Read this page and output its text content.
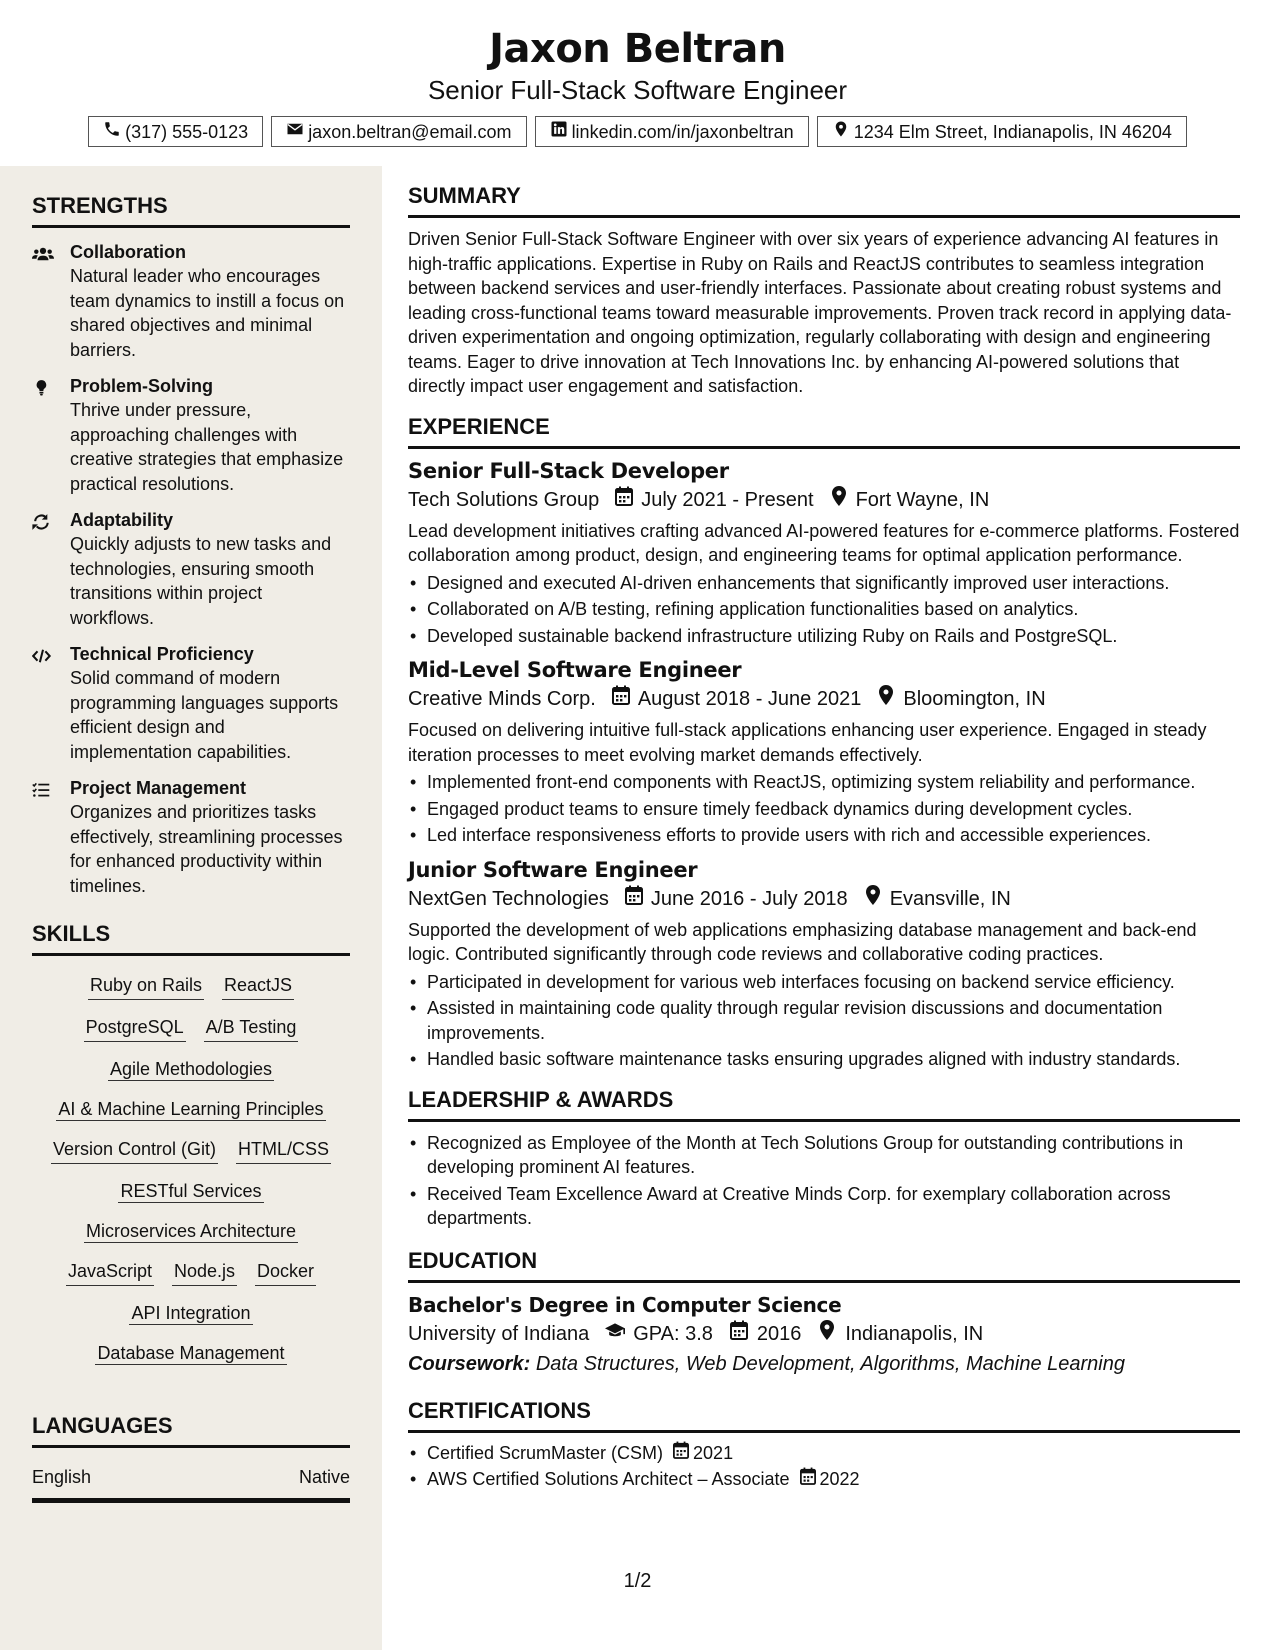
Jaxon Beltran
Senior Full-Stack Software Engineer
(317) 555-0123	jaxon.beltran@email.com	linkedin.com/in/jaxonbeltran	1234 Elm Street, Indianapolis, IN 46204
STRENGTHS
Collaboration
Natural leader who encourages team dynamics to instill a focus on shared objectives and minimal barriers.
Problem-Solving
Thrive under pressure, approaching challenges with creative strategies that emphasize practical resolutions.
Adaptability
Quickly adjusts to new tasks and technologies, ensuring smooth transitions within project workflows.
Technical Proficiency
Solid command of modern programming languages supports efficient design and implementation capabilities.
Project Management
Organizes and prioritizes tasks effectively, streamlining processes for enhanced productivity within timelines.
SKILLS
Ruby on Rails ReactJS
PostgreSQL A/B Testing
Agile Methodologies
AI & Machine Learning Principles
Version Control (Git) HTML/CSS
RESTful Services
Microservices Architecture
JavaScript Node.js Docker
API Integration
Database Management
LANGUAGES
English	Native
SUMMARY
Driven Senior Full-Stack Software Engineer with over six years of experience advancing AI features in high-traffic applications. Expertise in Ruby on Rails and ReactJS contributes to seamless integration between backend services and user-friendly interfaces. Passionate about creating robust systems and leading cross-functional teams toward measurable improvements. Proven track record in applying data-driven experimentation and ongoing optimization, regularly collaborating with design and engineering teams. Eager to drive innovation at Tech Innovations Inc. by enhancing AI-powered solutions that directly impact user engagement and satisfaction.
EXPERIENCE
Senior Full-Stack Developer
Tech Solutions Group July 2021 - Present Fort Wayne, IN
Lead development initiatives crafting advanced AI-powered features for e-commerce platforms. Fostered collaboration among product, design, and engineering teams for optimal application performance.
• Designed and executed AI-driven enhancements that significantly improved user interactions.
• Collaborated on A/B testing, refining application functionalities based on analytics.
• Developed sustainable backend infrastructure utilizing Ruby on Rails and PostgreSQL.
Mid-Level Software Engineer
Creative Minds Corp. August 2018 - June 2021 Bloomington, IN
Focused on delivering intuitive full-stack applications enhancing user experience. Engaged in steady iteration processes to meet evolving market demands effectively.
• Implemented front-end components with ReactJS, optimizing system reliability and performance.
• Engaged product teams to ensure timely feedback dynamics during development cycles.
• Led interface responsiveness efforts to provide users with rich and accessible experiences.
Junior Software Engineer
NextGen Technologies June 2016 - July 2018 Evansville, IN
Supported the development of web applications emphasizing database management and back-end logic. Contributed significantly through code reviews and collaborative coding practices.
• Participated in development for various web interfaces focusing on backend service efficiency.
• Assisted in maintaining code quality through regular revision discussions and documentation improvements.
• Handled basic software maintenance tasks ensuring upgrades aligned with industry standards.
LEADERSHIP & AWARDS
• Recognized as Employee of the Month at Tech Solutions Group for outstanding contributions in developing prominent AI features.
• Received Team Excellence Award at Creative Minds Corp. for exemplary collaboration across departments.
EDUCATION
Bachelor's Degree in Computer Science
University of Indiana GPA: 3.8 2016 Indianapolis, IN
Coursework: Data Structures, Web Development, Algorithms, Machine Learning
CERTIFICATIONS
• Certified ScrumMaster (CSM) 2021
• AWS Certified Solutions Architect – Associate 2022
1/2
